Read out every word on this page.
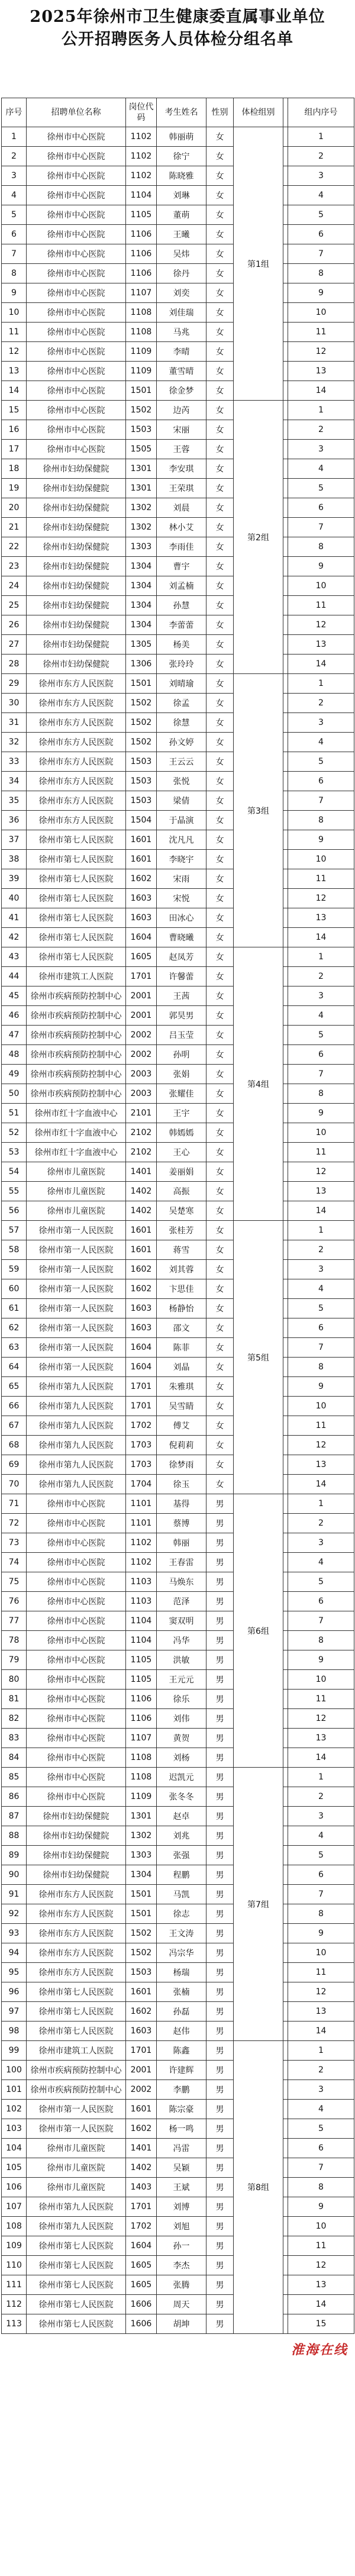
2025年徐州市卫生健康委直属事业单位
公开招聘医务人员体检分组名单
序号	招聘单位名称	岗位代码	考生姓名	性别	体检组别		组内序号
1	徐州市中心医院	1102	韩丽萌	女	第1组		1
2	徐州市中心医院	1102	徐宁	女			2
3	徐州市中心医院	1102	陈晓雅	女			3
4	徐州市中心医院	1104	刘琳	女			4
5	徐州市中心医院	1105	董萌	女			5
6	徐州市中心医院	1106	王曦	女			6
7	徐州市中心医院	1106	吴炜	女			7
8	徐州市中心医院	1106	徐丹	女			8
9	徐州市中心医院	1107	刘奕	女			9
10	徐州市中心医院	1108	刘佳瑞	女			10
11	徐州市中心医院	1108	马兆	女			11
12	徐州市中心医院	1109	李晴	女			12
13	徐州市中心医院	1109	董雪晴	女			13
14	徐州市中心医院	1501	徐金梦	女			14
15	徐州市中心医院	1502	边芮	女	第2组		1
16	徐州市中心医院	1503	宋丽	女			2
17	徐州市中心医院	1505	王蓉	女			3
18	徐州市妇幼保健院	1301	李安琪	女			4
19	徐州市妇幼保健院	1301	王荣琪	女			5
20	徐州市妇幼保健院	1302	刘晨	女			6
21	徐州市妇幼保健院	1302	林小艾	女			7
22	徐州市妇幼保健院	1303	李雨佳	女			8
23	徐州市妇幼保健院	1304	曹宇	女			9
24	徐州市妇幼保健院	1304	刘孟楠	女			10
25	徐州市妇幼保健院	1304	孙慧	女			11
26	徐州市妇幼保健院	1304	李蕾蕾	女			12
27	徐州市妇幼保健院	1305	杨美	女			13
28	徐州市妇幼保健院	1306	张玲玲	女			14
29	徐州市东方人民医院	1501	刘晴瑜	女	第3组		1
30	徐州市东方人民医院	1502	徐孟	女			2
31	徐州市东方人民医院	1502	徐慧	女			3
32	徐州市东方人民医院	1502	孙文婷	女			4
33	徐州市东方人民医院	1503	王云云	女			5
34	徐州市东方人民医院	1503	张悦	女			6
35	徐州市东方人民医院	1503	梁倩	女			7
36	徐州市东方人民医院	1504	于晶演	女			8
37	徐州市第七人民医院	1601	沈凡凡	女			9
38	徐州市第七人民医院	1601	李晓宇	女			10
39	徐州市第七人民医院	1602	宋雨	女			11
40	徐州市第七人民医院	1603	宋悦	女			12
41	徐州市第七人民医院	1603	田冰心	女			13
42	徐州市第七人民医院	1604	曹晓曦	女			14
43	徐州市第七人民医院	1605	赵凤芳	女	第4组		1
44	徐州市建筑工人医院	1701	许馨蕾	女			2
45	徐州市疾病预防控制中心	2001	王茜	女			3
46	徐州市疾病预防控制中心	2001	郭昊男	女			4
47	徐州市疾病预防控制中心	2002	吕玉莹	女			5
48	徐州市疾病预防控制中心	2002	孙明	女			6
49	徐州市疾病预防控制中心	2003	张娟	女			7
50	徐州市疾病预防控制中心	2003	张耀佳	女			8
51	徐州市红十字血液中心	2101	王宇	女			9
52	徐州市红十字血液中心	2102	韩嫣嫣	女			10
53	徐州市红十字血液中心	2102	王心	女			11
54	徐州市儿童医院	1401	姜丽娟	女			12
55	徐州市儿童医院	1402	高振	女			13
56	徐州市儿童医院	1402	吴楚寒	女			14
57	徐州市第一人民医院	1601	张桂芳	女	第5组		1
58	徐州市第一人民医院	1601	蒋雪	女			2
59	徐州市第一人民医院	1602	刘其蓉	女			3
60	徐州市第一人民医院	1602	卞思佳	女			4
61	徐州市第一人民医院	1603	杨静怡	女			5
62	徐州市第一人民医院	1603	邵文	女			6
63	徐州市第一人民医院	1604	陈菲	女			7
64	徐州市第一人民医院	1604	刘晶	女			8
65	徐州市第九人民医院	1701	朱雅琪	女			9
66	徐州市第九人民医院	1701	吴雪睛	女			10
67	徐州市第九人民医院	1702	傅艾	女			11
68	徐州市第九人民医院	1703	倪莉莉	女			12
69	徐州市第九人民医院	1703	徐梦雨	女			13
70	徐州市第九人民医院	1704	徐玉	女			14
71	徐州市中心医院	1101	基得	男	第6组		1
72	徐州市中心医院	1101	蔡博	男			2
73	徐州市中心医院	1102	韩丽	男			3
74	徐州市中心医院	1102	王春雷	男			4
75	徐州市中心医院	1103	马焕东	男			5
76	徐州市中心医院	1103	范泽	男			6
77	徐州市中心医院	1104	窦双明	男			7
78	徐州市中心医院	1104	冯华	男			8
79	徐州市中心医院	1105	洪敏	男			9
80	徐州市中心医院	1105	王元元	男			10
81	徐州市中心医院	1106	徐乐	男			11
82	徐州市中心医院	1106	刘伟	男			12
83	徐州市中心医院	1107	黄贺	男			13
84	徐州市中心医院	1108	刘杨	男			14
85	徐州市中心医院	1108	迟凯元	男	第7组		1
86	徐州市中心医院	1109	张冬冬	男			2
87	徐州市妇幼保健院	1301	赵卓	男			3
88	徐州市妇幼保健院	1302	刘兆	男			4
89	徐州市妇幼保健院	1303	张强	男			5
90	徐州市妇幼保健院	1304	程鹏	男			6
91	徐州市东方人民医院	1501	马凯	男			7
92	徐州市东方人民医院	1501	徐志	男			8
93	徐州市东方人民医院	1502	王文涛	男			9
94	徐州市东方人民医院	1502	冯宗华	男			10
95	徐州市东方人民医院	1503	杨瑞	男			11
96	徐州市第七人民医院	1601	张楠	男			12
97	徐州市第七人民医院	1602	孙磊	男			13
98	徐州市第七人民医院	1603	赵伟	男			14
99	徐州市建筑工人医院	1701	陈鑫	男	第8组		1
100	徐州市疾病预防控制中心	2001	许建辉	男			2
101	徐州市疾病预防控制中心	2002	李鹏	男			3
102	徐州市第一人民医院	1601	陈宗豪	男			4
103	徐州市第一人民医院	1602	杨一鸣	男			5
104	徐州市儿童医院	1401	冯雷	男			6
105	徐州市儿童医院	1402	吴颖	男			7
106	徐州市儿童医院	1403	王斌	男			8
107	徐州市第九人民医院	1701	刘博	男			9
108	徐州市第九人民医院	1702	刘旭	男			10
109	徐州市第七人民医院	1604	孙一	男			11
110	徐州市第七人民医院	1605	李杰	男			12
111	徐州市第七人民医院	1605	张腾	男			13
112	徐州市第七人民医院	1606	周天	男			14
113	徐州市第七人民医院	1606	胡坤	男			15
淮海在线
